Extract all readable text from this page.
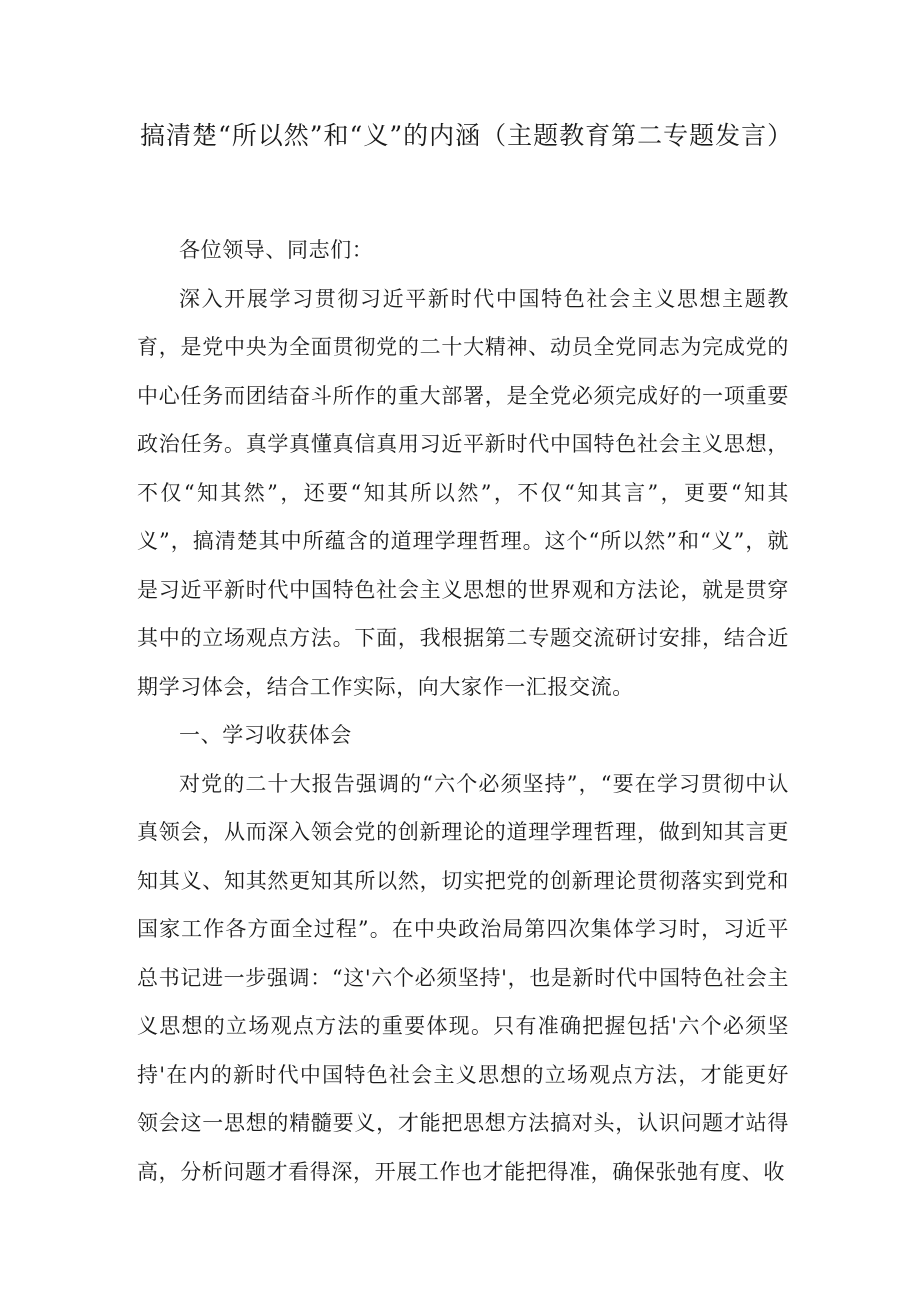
搞清楚“所以然”和“义”的内涵（主题教育第二专题发言）

各位领导、同志们：

深入开展学习贯彻习近平新时代中国特色社会主义思想主题教育，是党中央为全面贯彻党的二十大精神、动员全党同志为完成党的中心任务而团结奋斗所作的重大部署，是全党必须完成好的一项重要政治任务。真学真懂真信真用习近平新时代中国特色社会主义思想，不仅“知其然”，还要“知其所以然”，不仅“知其言”，更要“知其义”，搞清楚其中所蕴含的道理学理哲理。这个“所以然”和“义”，就是习近平新时代中国特色社会主义思想的世界观和方法论，就是贯穿其中的立场观点方法。下面，我根据第二专题交流研讨安排，结合近期学习体会，结合工作实际，向大家作一汇报交流。

一、学习收获体会

对党的二十大报告强调的“六个必须坚持”，“要在学习贯彻中认真领会，从而深入领会党的创新理论的道理学理哲理，做到知其言更知其义、知其然更知其所以然，切实把党的创新理论贯彻落实到党和国家工作各方面全过程”。在中央政治局第四次集体学习时，习近平总书记进一步强调：“这'六个必须坚持'，也是新时代中国特色社会主义思想的立场观点方法的重要体现。只有准确把握包括'六个必须坚持'在内的新时代中国特色社会主义思想的立场观点方法，才能更好领会这一思想的精髓要义，才能把思想方法搞对头，认识问题才站得高，分析问题才看得深，开展工作也才能把得准，确保张弛有度、收
